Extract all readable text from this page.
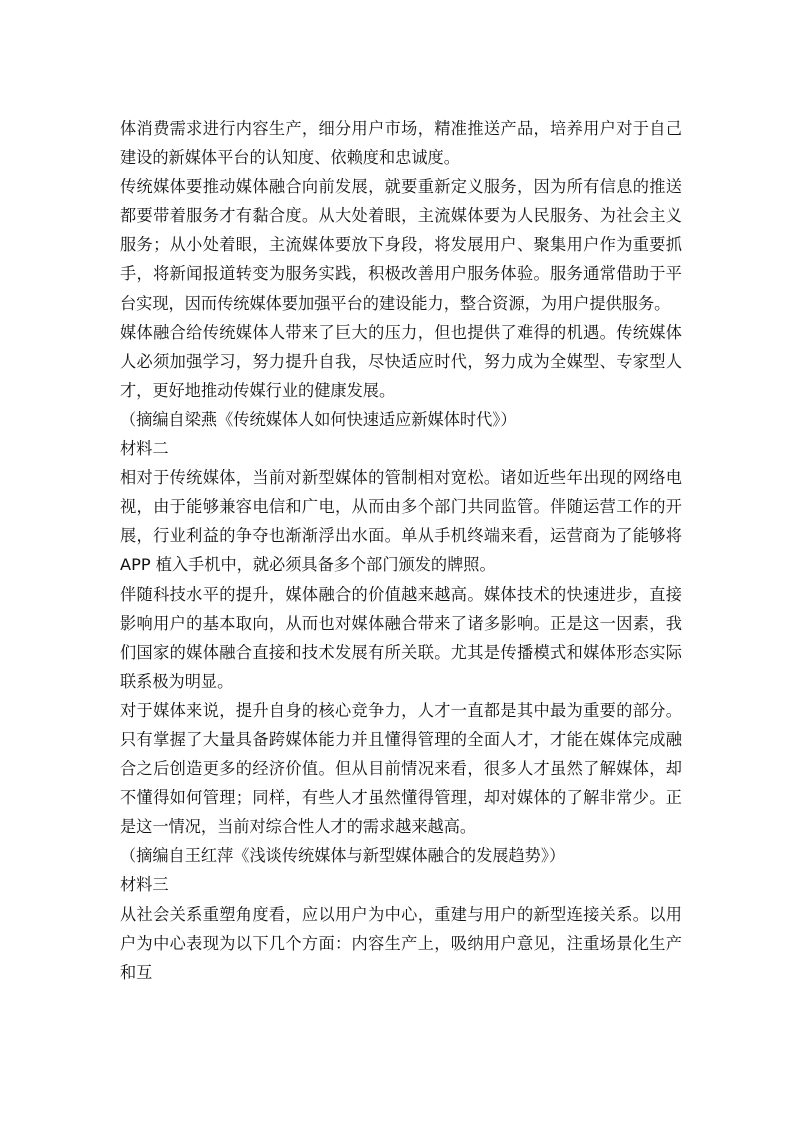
体消费需求进行内容生产，细分用户市场，精准推送产品，培养用户对于自己建设的新媒体平台的认知度、依赖度和忠诚度。

传统媒体要推动媒体融合向前发展，就要重新定义服务，因为所有信息的推送都要带着服务才有黏合度。从大处着眼，主流媒体要为人民服务、为社会主义服务；从小处着眼，主流媒体要放下身段，将发展用户、聚集用户作为重要抓手，将新闻报道转变为服务实践，积极改善用户服务体验。服务通常借助于平台实现，因而传统媒体要加强平台的建设能力，整合资源，为用户提供服务。

媒体融合给传统媒体人带来了巨大的压力，但也提供了难得的机遇。传统媒体人必须加强学习，努力提升自我，尽快适应时代，努力成为全媒型、专家型人才，更好地推动传媒行业的健康发展。

（摘编自梁燕《传统媒体人如何快速适应新媒体时代》）

材料二

相对于传统媒体，当前对新型媒体的管制相对宽松。诸如近些年出现的网络电视，由于能够兼容电信和广电，从而由多个部门共同监管。伴随运营工作的开展，行业利益的争夺也渐渐浮出水面。单从手机终端来看，运营商为了能够将 APP 植入手机中，就必须具备多个部门颁发的牌照。

伴随科技水平的提升，媒体融合的价值越来越高。媒体技术的快速进步，直接影响用户的基本取向，从而也对媒体融合带来了诸多影响。正是这一因素，我们国家的媒体融合直接和技术发展有所关联。尤其是传播模式和媒体形态实际联系极为明显。

对于媒体来说，提升自身的核心竞争力，人才一直都是其中最为重要的部分。只有掌握了大量具备跨媒体能力并且懂得管理的全面人才，才能在媒体完成融合之后创造更多的经济价值。但从目前情况来看，很多人才虽然了解媒体，却不懂得如何管理；同样，有些人才虽然懂得管理，却对媒体的了解非常少。正是这一情况，当前对综合性人才的需求越来越高。

（摘编自王红萍《浅谈传统媒体与新型媒体融合的发展趋势》）

材料三

从社会关系重塑角度看，应以用户为中心，重建与用户的新型连接关系。以用户为中心表现为以下几个方面：内容生产上，吸纳用户意见，注重场景化生产和互
